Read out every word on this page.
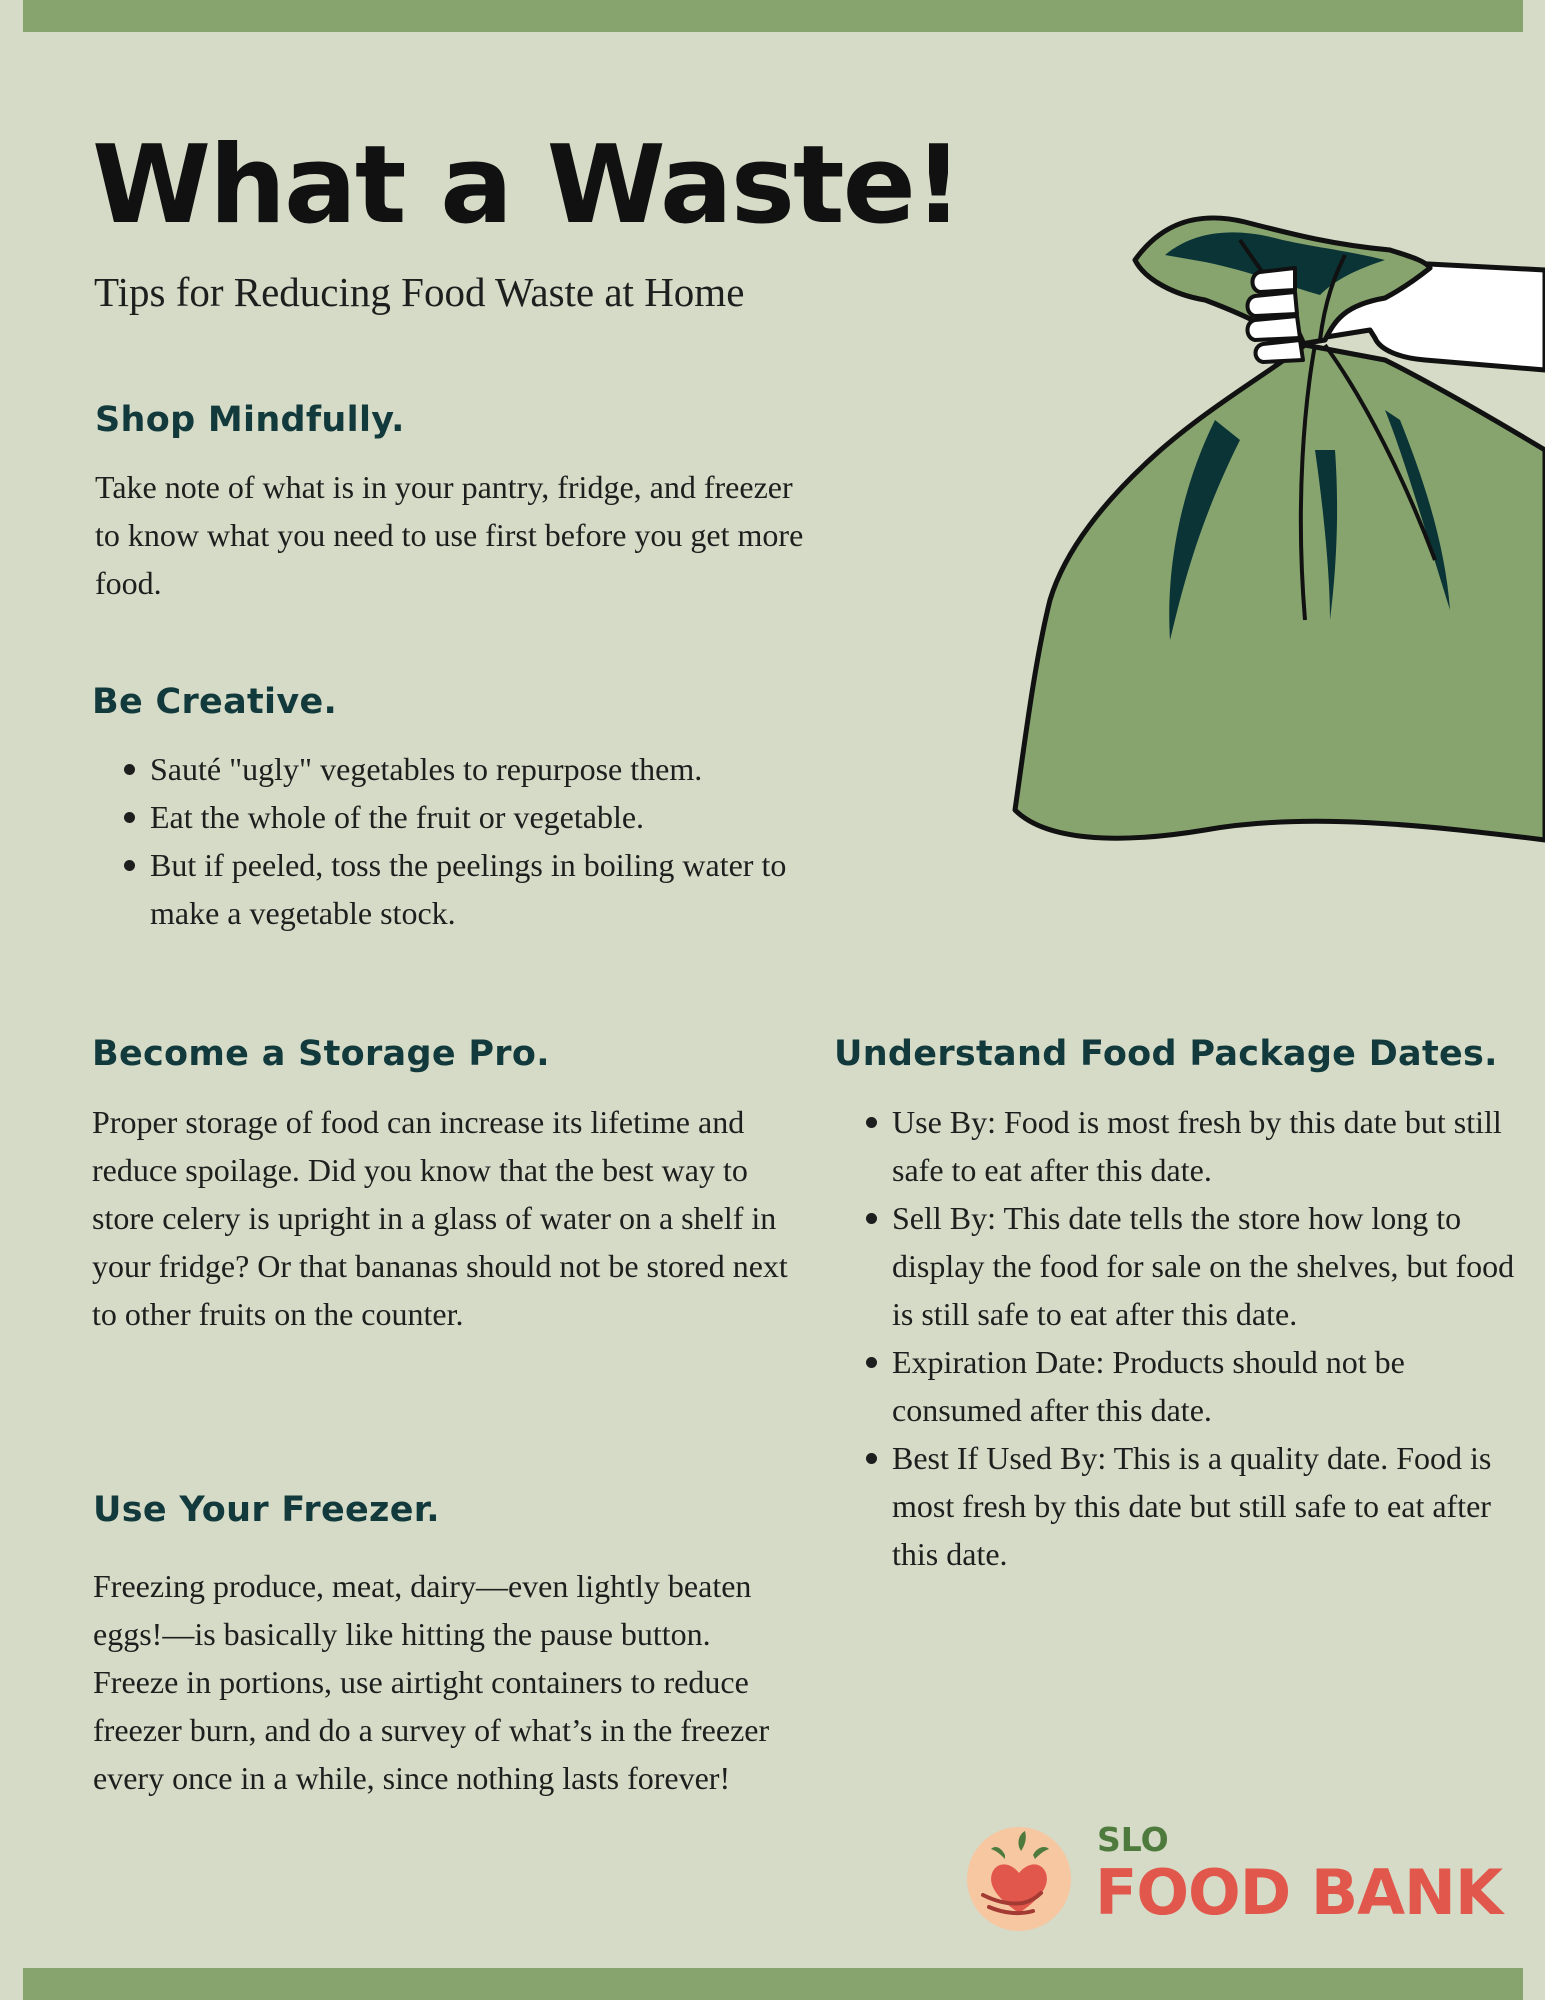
What a Waste!

Tips for Reducing Food Waste at Home

Shop Mindfully.

Take note of what is in your pantry, fridge, and freezer to know what you need to use first before you get more food.

Be Creative.
Sauté "ugly" vegetables to repurpose them.
Eat the whole of the fruit or vegetable.
But if peeled, toss the peelings in boiling water to make a vegetable stock.
Become a Storage Pro.

Proper storage of food can increase its lifetime and reduce spoilage. Did you know that the best way to store celery is upright in a glass of water on a shelf in your fridge? Or that bananas should not be stored next to other fruits on the counter.

Use Your Freezer.

Freezing produce, meat, dairy—even lightly beaten eggs!—is basically like hitting the pause button. Freeze in portions, use airtight containers to reduce freezer burn, and do a survey of what’s in the freezer every once in a while, since nothing lasts forever!

Understand Food Package Dates.
Use By: Food is most fresh by this date but still safe to eat after this date.
Sell By: This date tells the store how long to display the food for sale on the shelves, but food is still safe to eat after this date.
Expiration Date: Products should not be consumed after this date.
Best If Used By: This is a quality date. Food is most fresh by this date but still safe to eat after this date.

SLO

FOOD BANK
